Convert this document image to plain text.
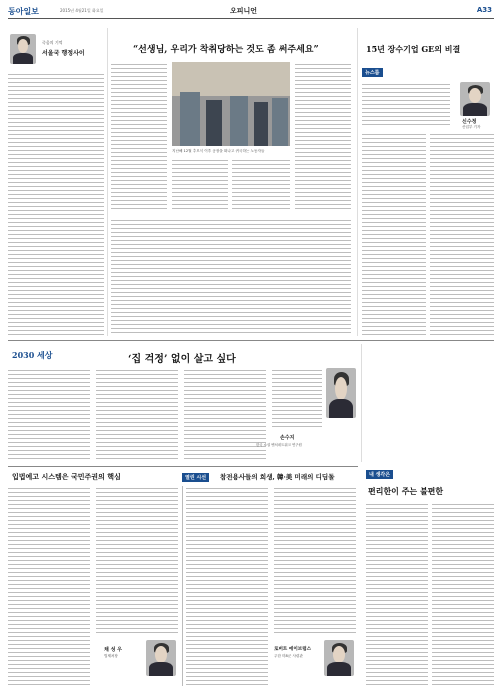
동아일보	2015년 4월21일 화요일	오피니언	A33
죽음의 기억
서울국 행정사이	“선생님, 우리가 착취당하는 것도 좀 써주세요”
지난해 12월 추모식 이후 공장을 떠나고 귀국하는 노동자들
15년 장수기업 GE의 비결
뉴스룸
신수정
산업부 기자
2030 세상	‘집 걱정’ 없이 살고 싶다
손수지
한국 소셜 벤처네트워크 연구원
입법예고 시스템은 국민주권의 핵심	열린 시선	참전용사들의 희생, 韓·美 미래의 디딤돌
채 성 우
법제처장
로버트 에이브럼스
주한 미8군 사령관
내 생각은
편리한이 주는 불편한
